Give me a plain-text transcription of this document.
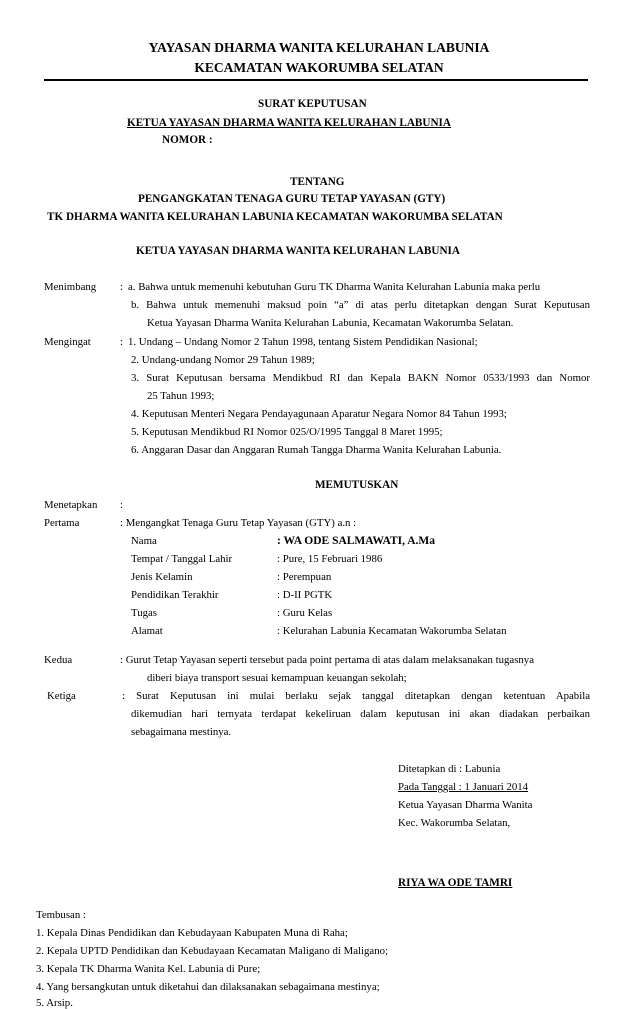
YAYASAN DHARMA WANITA KELURAHAN LABUNIA
KECAMATAN WAKORUMBA SELATAN
SURAT KEPUTUSAN
KETUA YAYASAN DHARMA WANITA KELURAHAN LABUNIA
NOMOR :
TENTANG
PENGANGKATAN TENAGA GURU TETAP YAYASAN (GTY)
TK DHARMA WANITA KELURAHAN LABUNIA KECAMATAN WAKORUMBA SELATAN
KETUA YAYASAN DHARMA WANITA KELURAHAN LABUNIA
Menimbang : a. Bahwa untuk memenuhi kebutuhan Guru TK Dharma Wanita Kelurahan Labunia maka perlu
b. Bahwa untuk memenuhi maksud poin “a” di atas perlu ditetapkan dengan Surat Keputusan
Ketua Yayasan Dharma Wanita Kelurahan Labunia, Kecamatan Wakorumba Selatan.
Mengingat	: 1. Undang – Undang Nomor 2 Tahun 1998, tentang Sistem Pendidikan Nasional;
2. Undang-undang Nomor 29 Tahun 1989;
3. Surat Keputusan bersama Mendikbud RI dan Kepala BAKN Nomor 0533/1993 dan Nomor
25 Tahun 1993;
4. Keputusan Menteri Negara Pendayagunaan Aparatur Negara Nomor 84 Tahun 1993;
5. Keputusan Mendikbud RI Nomor 025/O/1995 Tanggal 8 Maret 1995;
6. Anggaran Dasar dan Anggaran Rumah Tangga Dharma Wanita Kelurahan Labunia.
MEMUTUSKAN
Menetapkan :
Pertama	: Mengangkat Tenaga Guru Tetap Yayasan (GTY) a.n :
Nama	: WA ODE SALMAWATI, A.Ma
Tempat / Tanggal Lahir	: Pure, 15 Februari 1986
Jenis Kelamin	: Perempuan
Pendidikan Terakhir	: D-II PGTK
Tugas	: Guru Kelas
Alamat	: Kelurahan Labunia Kecamatan Wakorumba Selatan
Kedua	: Gurut Tetap Yayasan seperti tersebut pada point pertama di atas dalam melaksanakan tugasnya
diberi biaya transport sesuai kemampuan keuangan sekolah;
Ketiga	: Surat Keputusan ini mulai berlaku sejak tanggal ditetapkan dengan ketentuan Apabila
dikemudian hari ternyata terdapat kekeliruan dalam keputusan ini akan diadakan perbaikan
sebagaimana mestinya.
Ditetapkan di : Labunia
Pada Tanggal : 1 Januari 2014
Ketua Yayasan Dharma Wanita
Kec. Wakorumba Selatan,
RIYA WA ODE TAMRI
Tembusan :
1. Kepala Dinas Pendidikan dan Kebudayaan Kabupaten Muna di Raha;
2. Kepala UPTD Pendidikan dan Kebudayaan Kecamatan Maligano di Maligano;
3. Kepala TK Dharma Wanita Kel. Labunia di Pure;
4. Yang bersangkutan untuk diketahui dan dilaksanakan sebagaimana mestinya;
5. Arsip.
